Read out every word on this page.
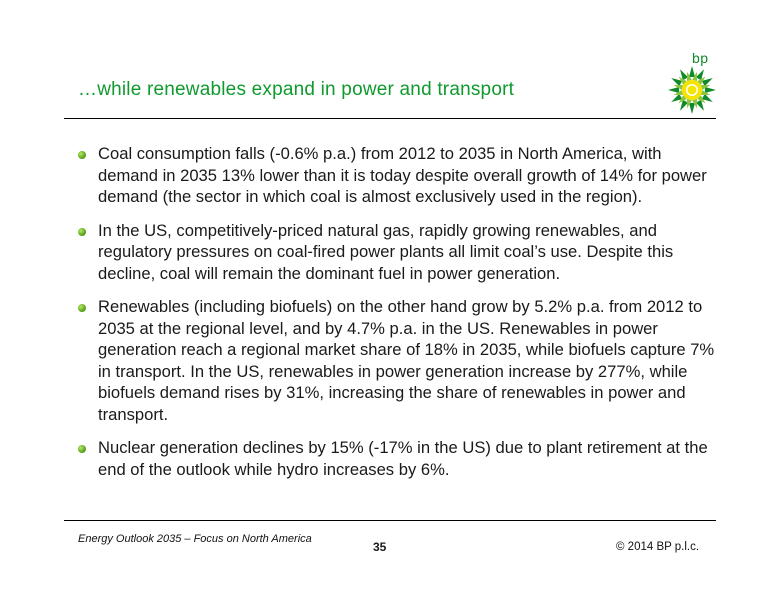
…while renewables expand in power and transport
bp
Coal consumption falls (-0.6% p.a.) from 2012 to 2035 in North America, with demand in 2035 13% lower than it is today despite overall growth of 14% for power demand (the sector in which coal is almost exclusively used in the region).
In the US, competitively-priced natural gas, rapidly growing renewables, and regulatory pressures on coal-fired power plants all limit coal’s use. Despite this decline, coal will remain the dominant fuel in power generation.
Renewables (including biofuels) on the other hand grow by 5.2% p.a. from 2012 to 2035 at the regional level, and by 4.7% p.a. in the US. Renewables in power generation reach a regional market share of 18% in 2035, while biofuels capture 7% in transport. In the US, renewables in power generation increase by 277%, while biofuels demand rises by 31%, increasing the share of renewables in power and transport.
Nuclear generation declines by 15% (-17% in the US) due to plant retirement at the end of the outlook while hydro increases by 6%.
Energy Outlook 2035 – Focus on North America
35	© 2014 BP p.l.c.
